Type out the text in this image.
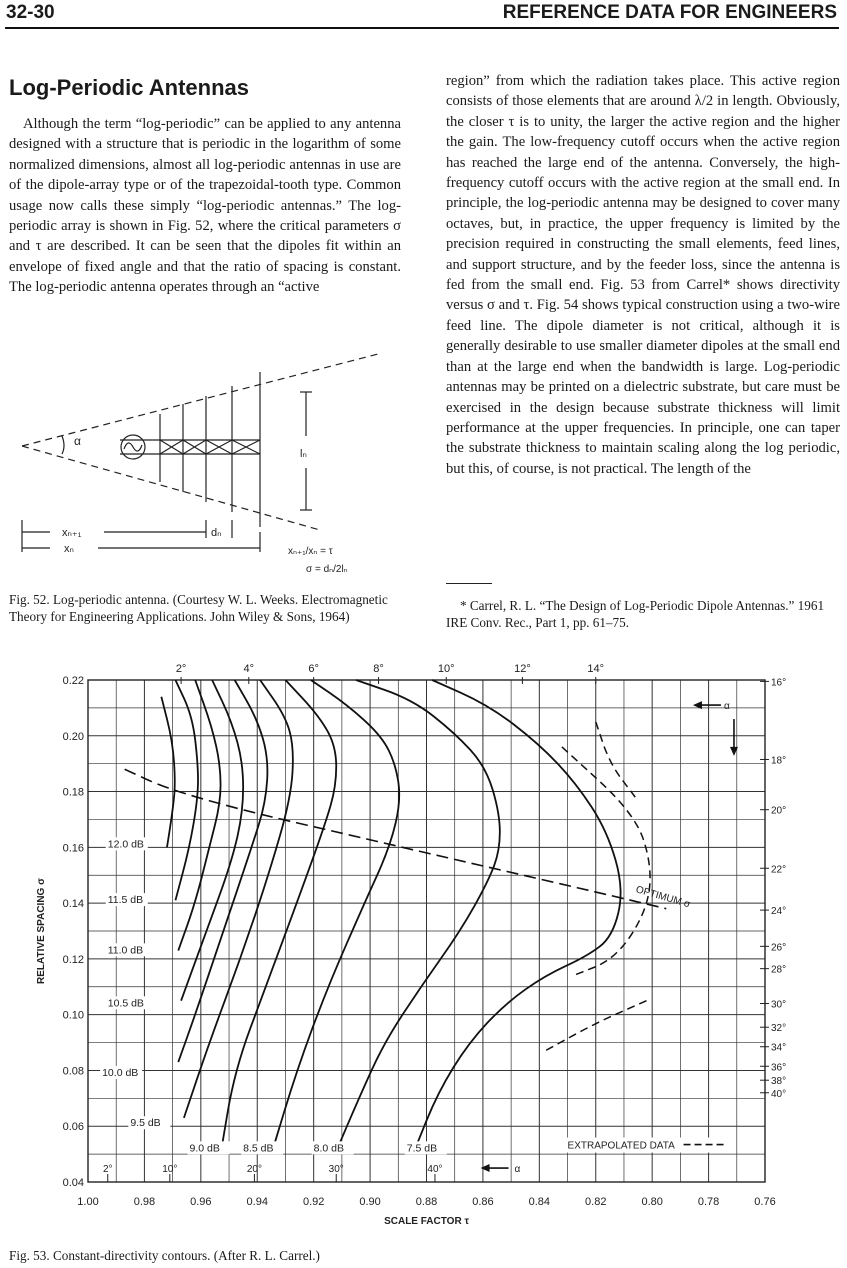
32-30	REFERENCE DATA FOR ENGINEERS
Log-Periodic Antennas
Although the term “log-periodic” can be applied to any antenna designed with a structure that is periodic in the logarithm of some normalized dimensions, almost all log-periodic antennas in use are of the dipole-array type or of the trapezoidal-tooth type. Common usage now calls these simply “log-periodic antennas.” The log-periodic array is shown in Fig. 52, where the critical parameters σ and τ are described. It can be seen that the dipoles fit within an envelope of fixed angle and that the ratio of spacing is constant. The log-periodic antenna operates through an “active
region” from which the radiation takes place. This active region consists of those elements that are around λ/2 in length. Obviously, the closer τ is to unity, the larger the active region and the higher the gain. The low-frequency cutoff occurs when the active region has reached the large end of the antenna. Conversely, the high-frequency cutoff occurs with the active region at the small end. In principle, the log-periodic antenna may be designed to cover many octaves, but, in practice, the upper frequency is limited by the precision required in constructing the small elements, feed lines, and support structure, and by the feeder loss, since the antenna is fed from the small end. Fig. 53 from Carrel* shows directivity versus σ and τ. Fig. 54 shows typical construction using a two-wire feed line. The dipole diameter is not critical, although it is generally desirable to use smaller diameter dipoles at the small end than at the large end when the bandwidth is large. Log-periodic antennas may be printed on a dielectric substrate, but care must be exercised in the design because substrate thickness will limit performance at the upper frequencies. In principle, one can taper the substrate thickness to maintain scaling along the log periodic, but this, of course, is not practical. The length of the
α
lₙ
xₙ₊₁	dₙ
xₙ	xₙ₊₁/xₙ = τ
σ = dₙ/2lₙ
Fig. 52. Log-periodic antenna. (Courtesy W. L. Weeks. Electromagnetic Theory for Engineering Applications. John Wiley & Sons, 1964)
* Carrel, R. L. “The Design of Log-Periodic Dipole Antennas.” 1961 IRE Conv. Rec., Part 1, pp. 61–75.
1.00	0.98	0.96	0.94	0.92	0.90	0.88	0.86	0.84	0.82	0.80	0.78	0.76
0.22
0.20
0.18
0.16
0.14
0.12
0.10
0.08
0.06
0.04
SCALE FACTOR τ
RELATIVE SPACING σ
2°	4°	6°	8°	10°	12°	14°
16°
18°
20°
22°
24°
26°
28°
30°
32°
34°
36°
38°
40°
2°	10°	20°	30°	40°
12.0 dB
11.5 dB
11.0 dB
10.5 dB
10.0 dB
9.5 dB
9.0 dB 8.5 dB	8.0 dB	7.5 dB
OPTIMUM σ
α
α
EXTRAPOLATED DATA
Fig. 53. Constant-directivity contours. (After R. L. Carrel.)
